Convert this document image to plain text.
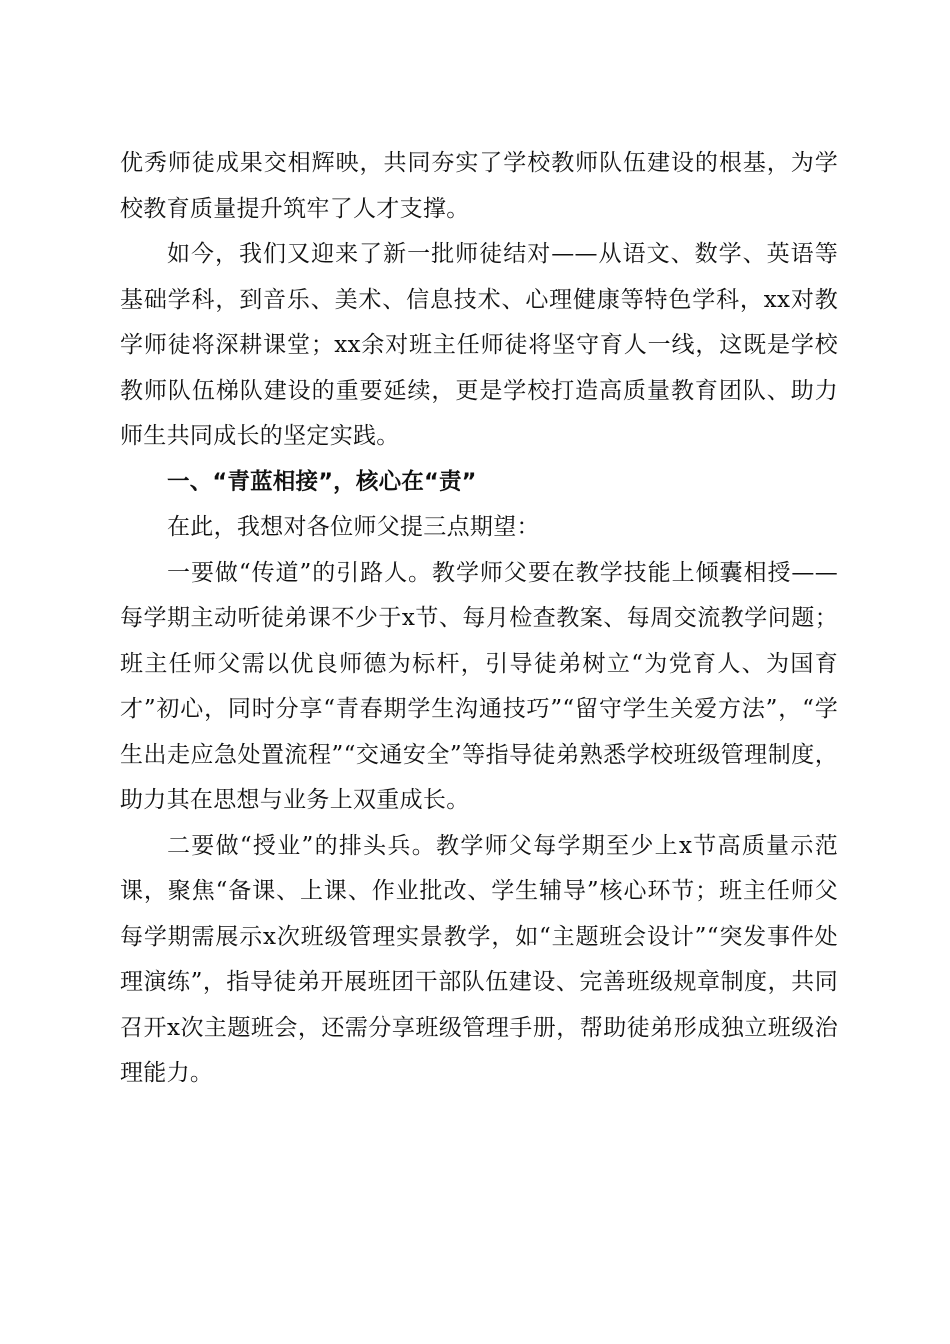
优秀师徒成果交相辉映，共同夯实了学校教师队伍建设的根基，为学校教育质量提升筑牢了人才支撑。

如今，我们又迎来了新一批师徒结对——从语文、数学、英语等基础学科，到音乐、美术、信息技术、心理健康等特色学科，xx对教学师徒将深耕课堂；xx余对班主任师徒将坚守育人一线，这既是学校教师队伍梯队建设的重要延续，更是学校打造高质量教育团队、助力师生共同成长的坚定实践。

一、“青蓝相接”，核心在“责”

在此，我想对各位师父提三点期望：

一要做“传道”的引路人。教学师父要在教学技能上倾囊相授——每学期主动听徒弟课不少于x节、每月检查教案、每周交流教学问题；班主任师父需以优良师德为标杆，引导徒弟树立“为党育人、为国育才”初心，同时分享“青春期学生沟通技巧”“留守学生关爱方法”，“学生出走应急处置流程”“交通安全”等指导徒弟熟悉学校班级管理制度，助力其在思想与业务上双重成长。

二要做“授业”的排头兵。教学师父每学期至少上x节高质量示范课，聚焦“备课、上课、作业批改、学生辅导”核心环节；班主任师父每学期需展示x次班级管理实景教学，如“主题班会设计”“突发事件处理演练”，指导徒弟开展班团干部队伍建设、完善班级规章制度，共同召开x次主题班会，还需分享班级管理手册，帮助徒弟形成独立班级治理能力。
